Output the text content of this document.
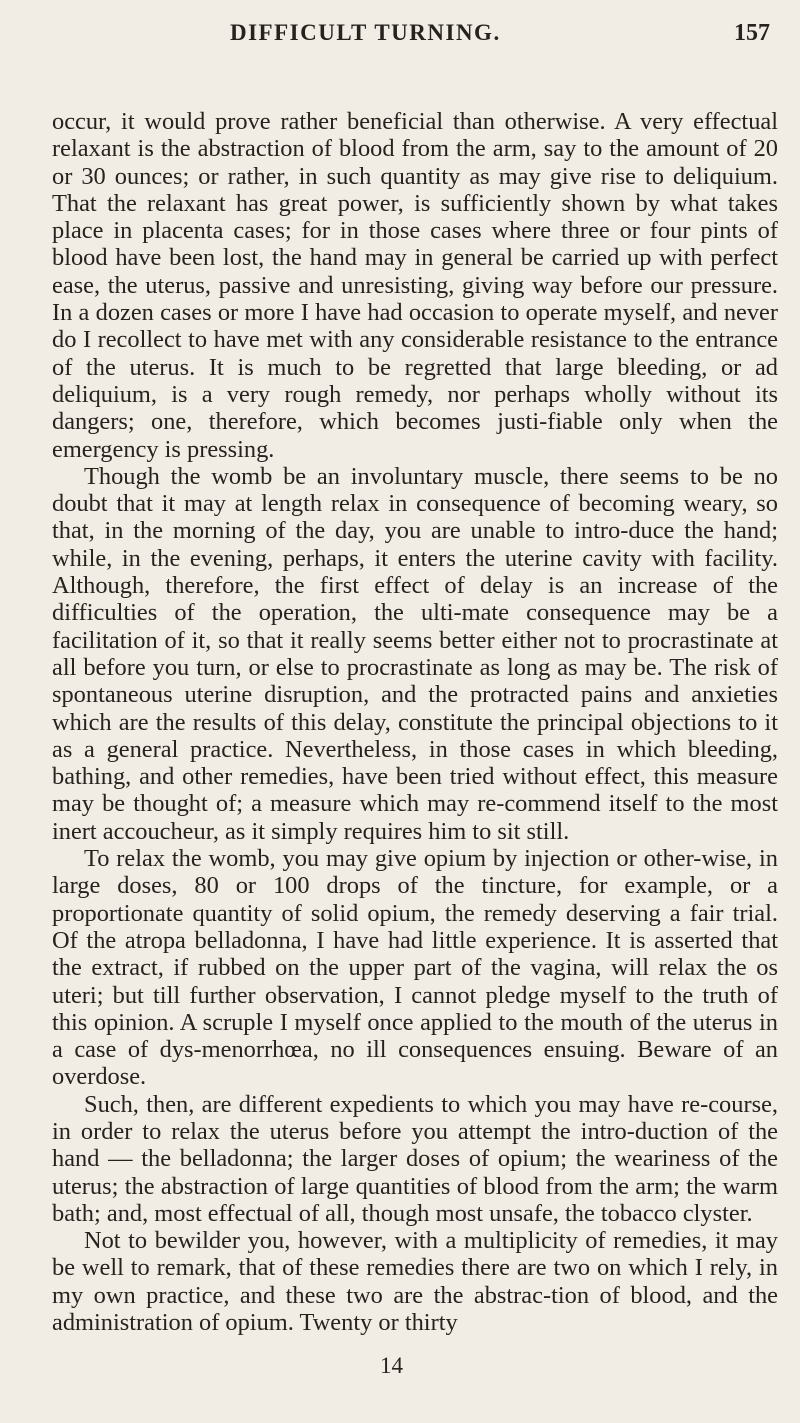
DIFFICULT TURNING.	157

occur, it would prove rather beneficial than otherwise. A very effectual relaxant is the abstraction of blood from the arm, say to the amount of 20 or 30 ounces; or rather, in such quantity as may give rise to deliquium. That the relaxant has great power, is sufficiently shown by what takes place in placenta cases; for in those cases where three or four pints of blood have been lost, the hand may in general be carried up with perfect ease, the uterus, passive and unresisting, giving way before our pressure. In a dozen cases or more I have had occasion to operate myself, and never do I recollect to have met with any considerable resistance to the entrance of the uterus. It is much to be regretted that large bleeding, or ad deliquium, is a very rough remedy, nor perhaps wholly without its dangers; one, therefore, which becomes justi-fiable only when the emergency is pressing.

Though the womb be an involuntary muscle, there seems to be no doubt that it may at length relax in consequence of becoming weary, so that, in the morning of the day, you are unable to intro-duce the hand; while, in the evening, perhaps, it enters the uterine cavity with facility. Although, therefore, the first effect of delay is an increase of the difficulties of the operation, the ulti-mate consequence may be a facilitation of it, so that it really seems better either not to procrastinate at all before you turn, or else to procrastinate as long as may be. The risk of spontaneous uterine disruption, and the protracted pains and anxieties which are the results of this delay, constitute the principal objections to it as a general practice. Nevertheless, in those cases in which bleeding, bathing, and other remedies, have been tried without effect, this measure may be thought of; a measure which may re-commend itself to the most inert accoucheur, as it simply requires him to sit still.

To relax the womb, you may give opium by injection or other-wise, in large doses, 80 or 100 drops of the tincture, for example, or a proportionate quantity of solid opium, the remedy deserving a fair trial. Of the atropa belladonna, I have had little experience. It is asserted that the extract, if rubbed on the upper part of the vagina, will relax the os uteri; but till further observation, I cannot pledge myself to the truth of this opinion. A scruple I myself once applied to the mouth of the uterus in a case of dys-menorrhœa, no ill consequences ensuing. Beware of an overdose.

Such, then, are different expedients to which you may have re-course, in order to relax the uterus before you attempt the intro-duction of the hand — the belladonna; the larger doses of opium; the weariness of the uterus; the abstraction of large quantities of blood from the arm; the warm bath; and, most effectual of all, though most unsafe, the tobacco clyster.

Not to bewilder you, however, with a multiplicity of remedies, it may be well to remark, that of these remedies there are two on which I rely, in my own practice, and these two are the abstrac-tion of blood, and the administration of opium. Twenty or thirty

14
